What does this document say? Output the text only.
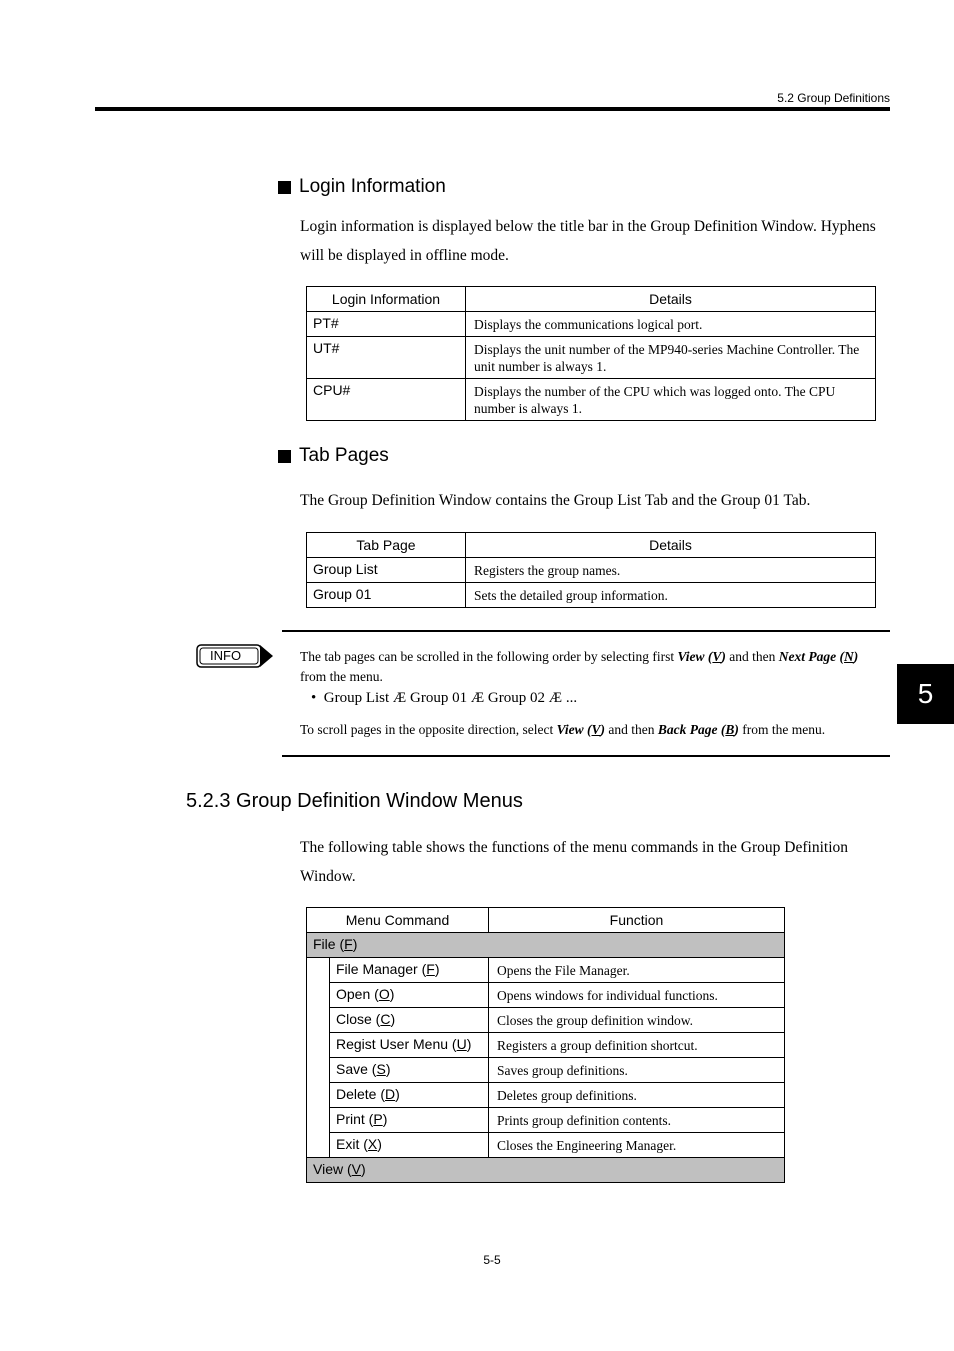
5.2 Group Definitions
Login Information
Login information is displayed below the title bar in the Group Definition Window. Hyphens will be displayed in offline mode.
Login Information	Details
PT#	Displays the communications logical port.
UT#	Displays the unit number of the MP940-series Machine Controller. The unit number is always 1.
CPU#	Displays the number of the CPU which was logged onto. The CPU number is always 1.
Tab Pages
The Group Definition Window contains the Group List Tab and the Group 01 Tab.
Tab Page	Details
Group List	Registers the group names.
Group 01	Sets the detailed group information.
INFO	The tab pages can be scrolled in the following order by selecting first View (V) and then Next Page (N)
from the menu.
•  Group List Æ Group 01 Æ Group 02 Æ ...
To scroll pages in the opposite direction, select View (V) and then Back Page (B) from the menu.
5
5.2.3 Group Definition Window Menus
The following table shows the functions of the menu commands in the Group Definition Window.
Menu Command		Function
File (F)		
	File Manager (F)	Opens the File Manager.
	Open (O)	Opens windows for individual functions.
	Close (C)	Closes the group definition window.
	Regist User Menu (U)	Registers a group definition shortcut.
	Save (S)	Saves group definitions.
	Delete (D)	Deletes group definitions.
	Print (P)	Prints group definition contents.
	Exit (X)	Closes the Engineering Manager.
View (V)		
5-5
